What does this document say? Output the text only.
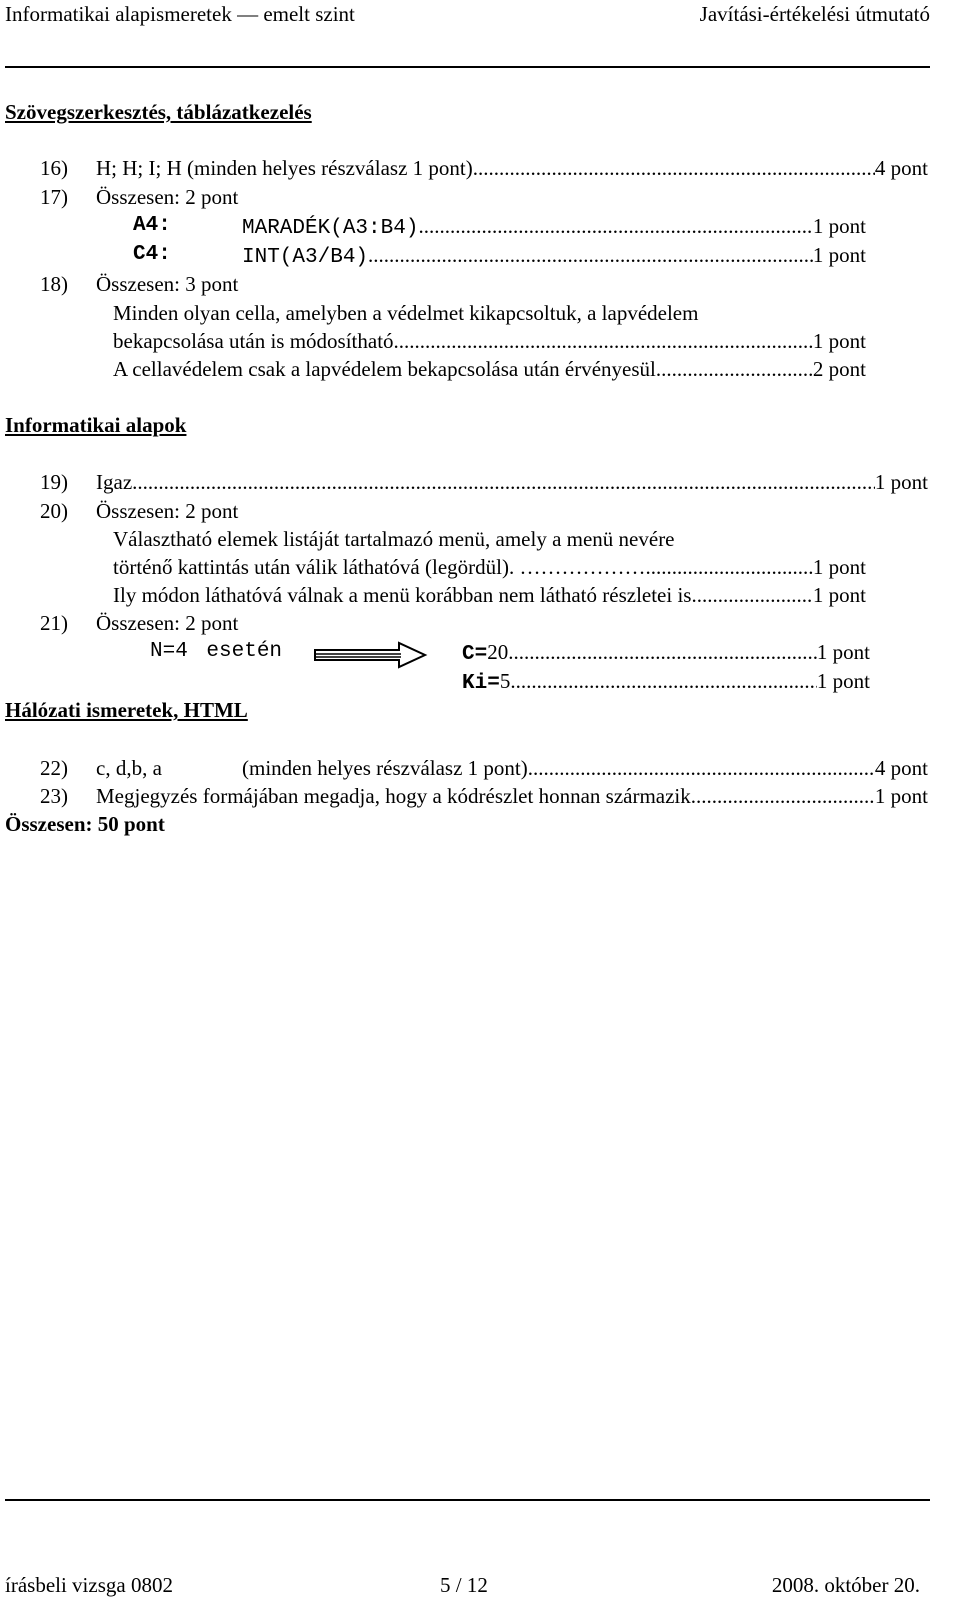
Informatikai alapismeretek — emelt szint	Javítási-értékelési útmutató
Szövegszerkesztés, táblázatkezelés
16) H; H; I; H (minden helyes részválasz 1 pont) .....	4 pont
17) Összesen: 2 pont
A4:	MARADÉK(A3:B4) .....	1 pont
C4:	INT(A3/B4) .....	1 pont
18) Összesen: 3 pont
Minden olyan cella, amelyben a védelmet kikapcsoltuk, a lapvédelem
bekapcsolása után is módosítható .....	1 pont
A cellavédelem csak a lapvédelem bekapcsolása után érvényesül .....	2 pont
Informatikai alapok
19) Igaz .....	1 pont
20) Összesen: 2 pont
Választható elemek listáját tartalmazó menü, amely a menü nevére
történő kattintás után válik láthatóvá (legördül). ………………. .....	1 pont
Ily módon láthatóvá válnak a menü korábban nem látható részletei is. .....	1 pont
21) Összesen: 2 pont
N=4 esetén	C=20 .....	1 pont
Ki=5 .....	1 pont
Hálózati ismeretek, HTML
22) c, d,b, a	(minden helyes részválasz 1 pont) .....	4 pont
23) Megjegyzés formájában megadja, hogy a kódrészlet honnan származik .....	1 pont
Összesen: 50 pont
írásbeli vizsga 0802	5 / 12	2008. október 20.
